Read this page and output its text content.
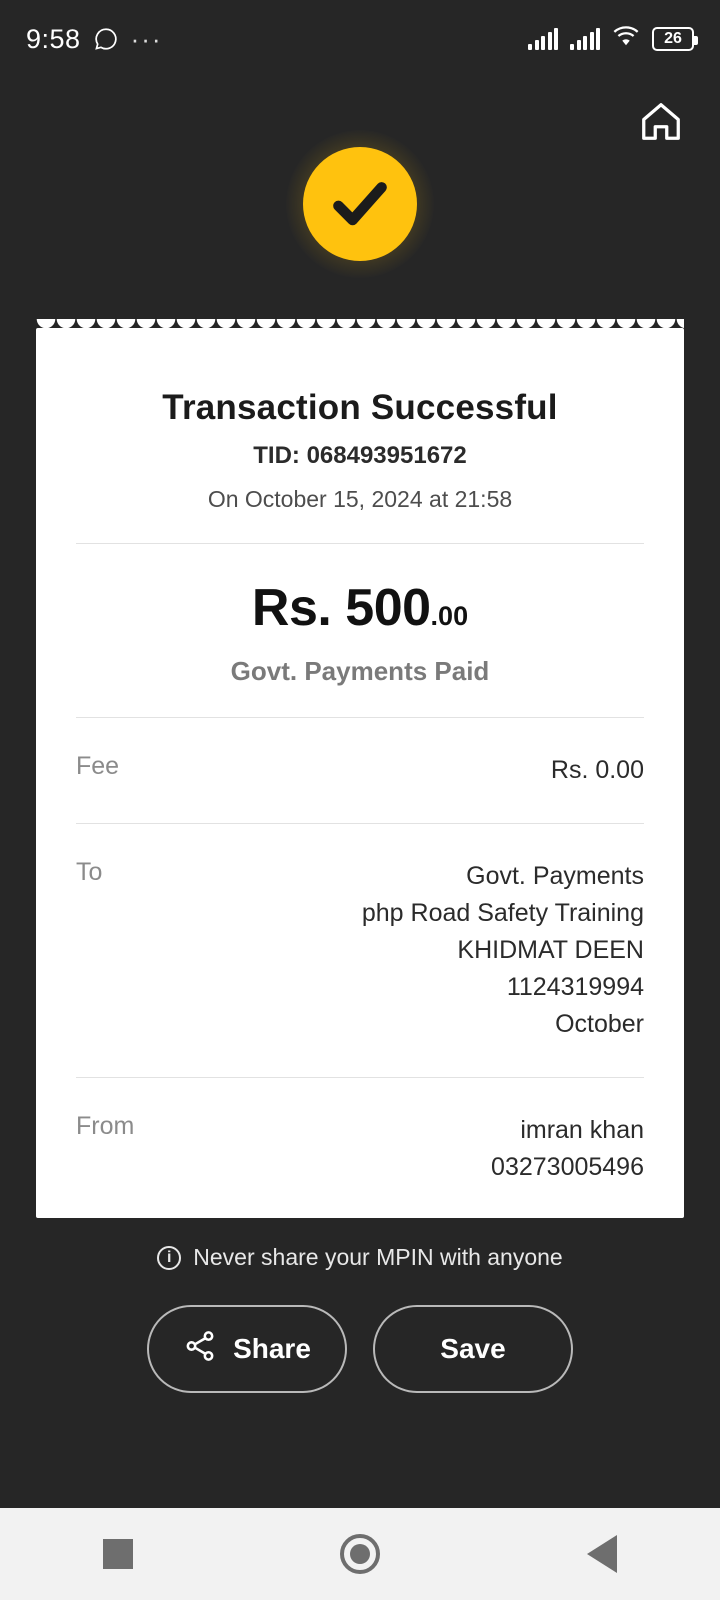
9:58 ···	26
Transaction Successful
TID: 068493951672
On October 15, 2024 at 21:58
Rs. 500.00
Govt. Payments Paid
Fee	Rs. 0.00
To	Govt. Payments
php Road Safety Training
KHIDMAT DEEN
1124319994
October
From	imran khan
03273005496
i Never share your MPIN with anyone
Share	Save
